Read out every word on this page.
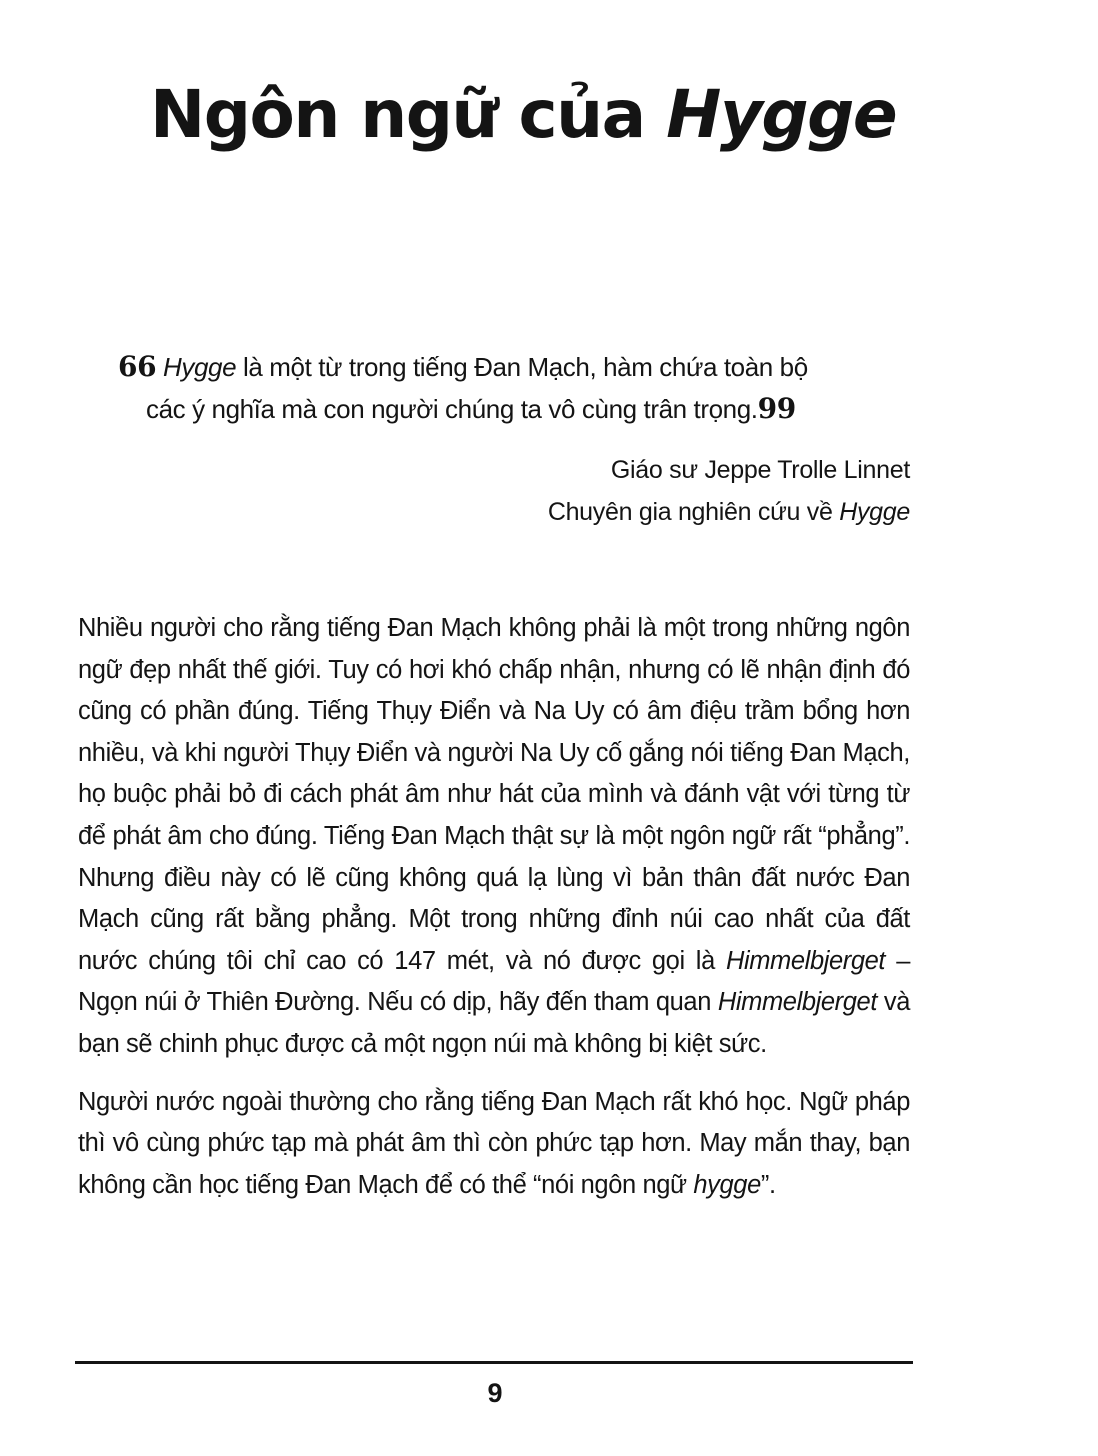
Ngôn ngữ của Hygge
66 Hygge là một từ trong tiếng Đan Mạch, hàm chứa toàn bộ
các ý nghĩa mà con người chúng ta vô cùng trân trọng.99
Giáo sư Jeppe Trolle Linnet
Chuyên gia nghiên cứu về Hygge

Nhiều người cho rằng tiếng Đan Mạch không phải là một trong những ngôn ngữ đẹp nhất thế giới. Tuy có hơi khó chấp nhận, nhưng có lẽ nhận định đó cũng có phần đúng. Tiếng Thụy Điển và Na Uy có âm điệu trầm bổng hơn nhiều, và khi người Thụy Điển và người Na Uy cố gắng nói tiếng Đan Mạch, họ buộc phải bỏ đi cách phát âm như hát của mình và đánh vật với từng từ để phát âm cho đúng. Tiếng Đan Mạch thật sự là một ngôn ngữ rất “phẳng”. Nhưng điều này có lẽ cũng không quá lạ lùng vì bản thân đất nước Đan Mạch cũng rất bằng phẳng. Một trong những đỉnh núi cao nhất của đất nước chúng tôi chỉ cao có 147 mét, và nó được gọi là Himmelbjerget – Ngọn núi ở Thiên Đường. Nếu có dịp, hãy đến tham quan Himmelbjerget và bạn sẽ chinh phục được cả một ngọn núi mà không bị kiệt sức.

Người nước ngoài thường cho rằng tiếng Đan Mạch rất khó học. Ngữ pháp thì vô cùng phức tạp mà phát âm thì còn phức tạp hơn. May mắn thay, bạn không cần học tiếng Đan Mạch để có thể “nói ngôn ngữ hygge”.

9
